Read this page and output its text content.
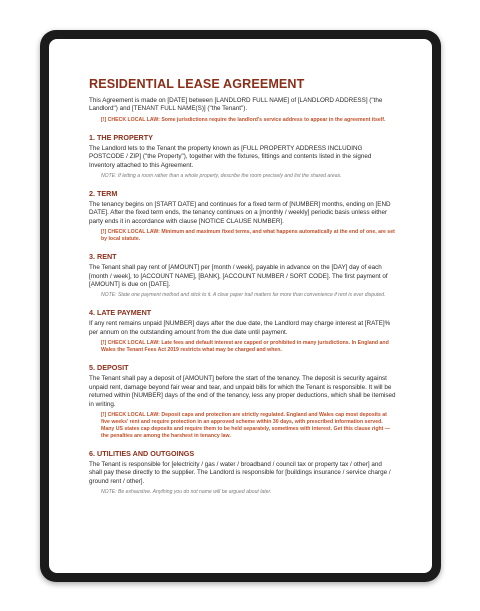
RESIDENTIAL LEASE AGREEMENT

This Agreement is made on [DATE] between [LANDLORD FULL NAME] of [LANDLORD ADDRESS] ("the Landlord") and [TENANT FULL NAME(S)] ("the Tenant").

[!] CHECK LOCAL LAW: Some jurisdictions require the landlord's service address to appear in the agreement itself.

1. THE PROPERTY

The Landlord lets to the Tenant the property known as [FULL PROPERTY ADDRESS INCLUDING POSTCODE / ZIP] ("the Property"), together with the fixtures, fittings and contents listed in the signed Inventory attached to this Agreement.

NOTE: If letting a room rather than a whole property, describe the room precisely and list the shared areas.

2. TERM

The tenancy begins on [START DATE] and continues for a fixed term of [NUMBER] months, ending on [END DATE]. After the fixed term ends, the tenancy continues on a [monthly / weekly] periodic basis unless either party ends it in accordance with clause [NOTICE CLAUSE NUMBER].

[!] CHECK LOCAL LAW: Minimum and maximum fixed terms, and what happens automatically at the end of one, are set by local statute.

3. RENT

The Tenant shall pay rent of [AMOUNT] per [month / week], payable in advance on the [DAY] day of each [month / week], to [ACCOUNT NAME], [BANK], [ACCOUNT NUMBER / SORT CODE]. The first payment of [AMOUNT] is due on [DATE].

NOTE: State one payment method and stick to it. A clear paper trail matters far more than convenience if rent is ever disputed.

4. LATE PAYMENT

If any rent remains unpaid [NUMBER] days after the due date, the Landlord may charge interest at [RATE]% per annum on the outstanding amount from the due date until payment.

[!] CHECK LOCAL LAW: Late fees and default interest are capped or prohibited in many jurisdictions. In England and Wales the Tenant Fees Act 2019 restricts what may be charged and when.

5. DEPOSIT

The Tenant shall pay a deposit of [AMOUNT] before the start of the tenancy. The deposit is security against unpaid rent, damage beyond fair wear and tear, and unpaid bills for which the Tenant is responsible. It will be returned within [NUMBER] days of the end of the tenancy, less any proper deductions, which shall be itemised in writing.

[!] CHECK LOCAL LAW: Deposit caps and protection are strictly regulated. England and Wales cap most deposits at five weeks' rent and require protection in an approved scheme within 30 days, with prescribed information served. Many US states cap deposits and require them to be held separately, sometimes with interest. Get this clause right — the penalties are among the harshest in tenancy law.

6. UTILITIES AND OUTGOINGS

The Tenant is responsible for [electricity / gas / water / broadband / council tax or property tax / other] and shall pay these directly to the supplier. The Landlord is responsible for [buildings insurance / service charge / ground rent / other].

NOTE: Be exhaustive. Anything you do not name will be argued about later.
